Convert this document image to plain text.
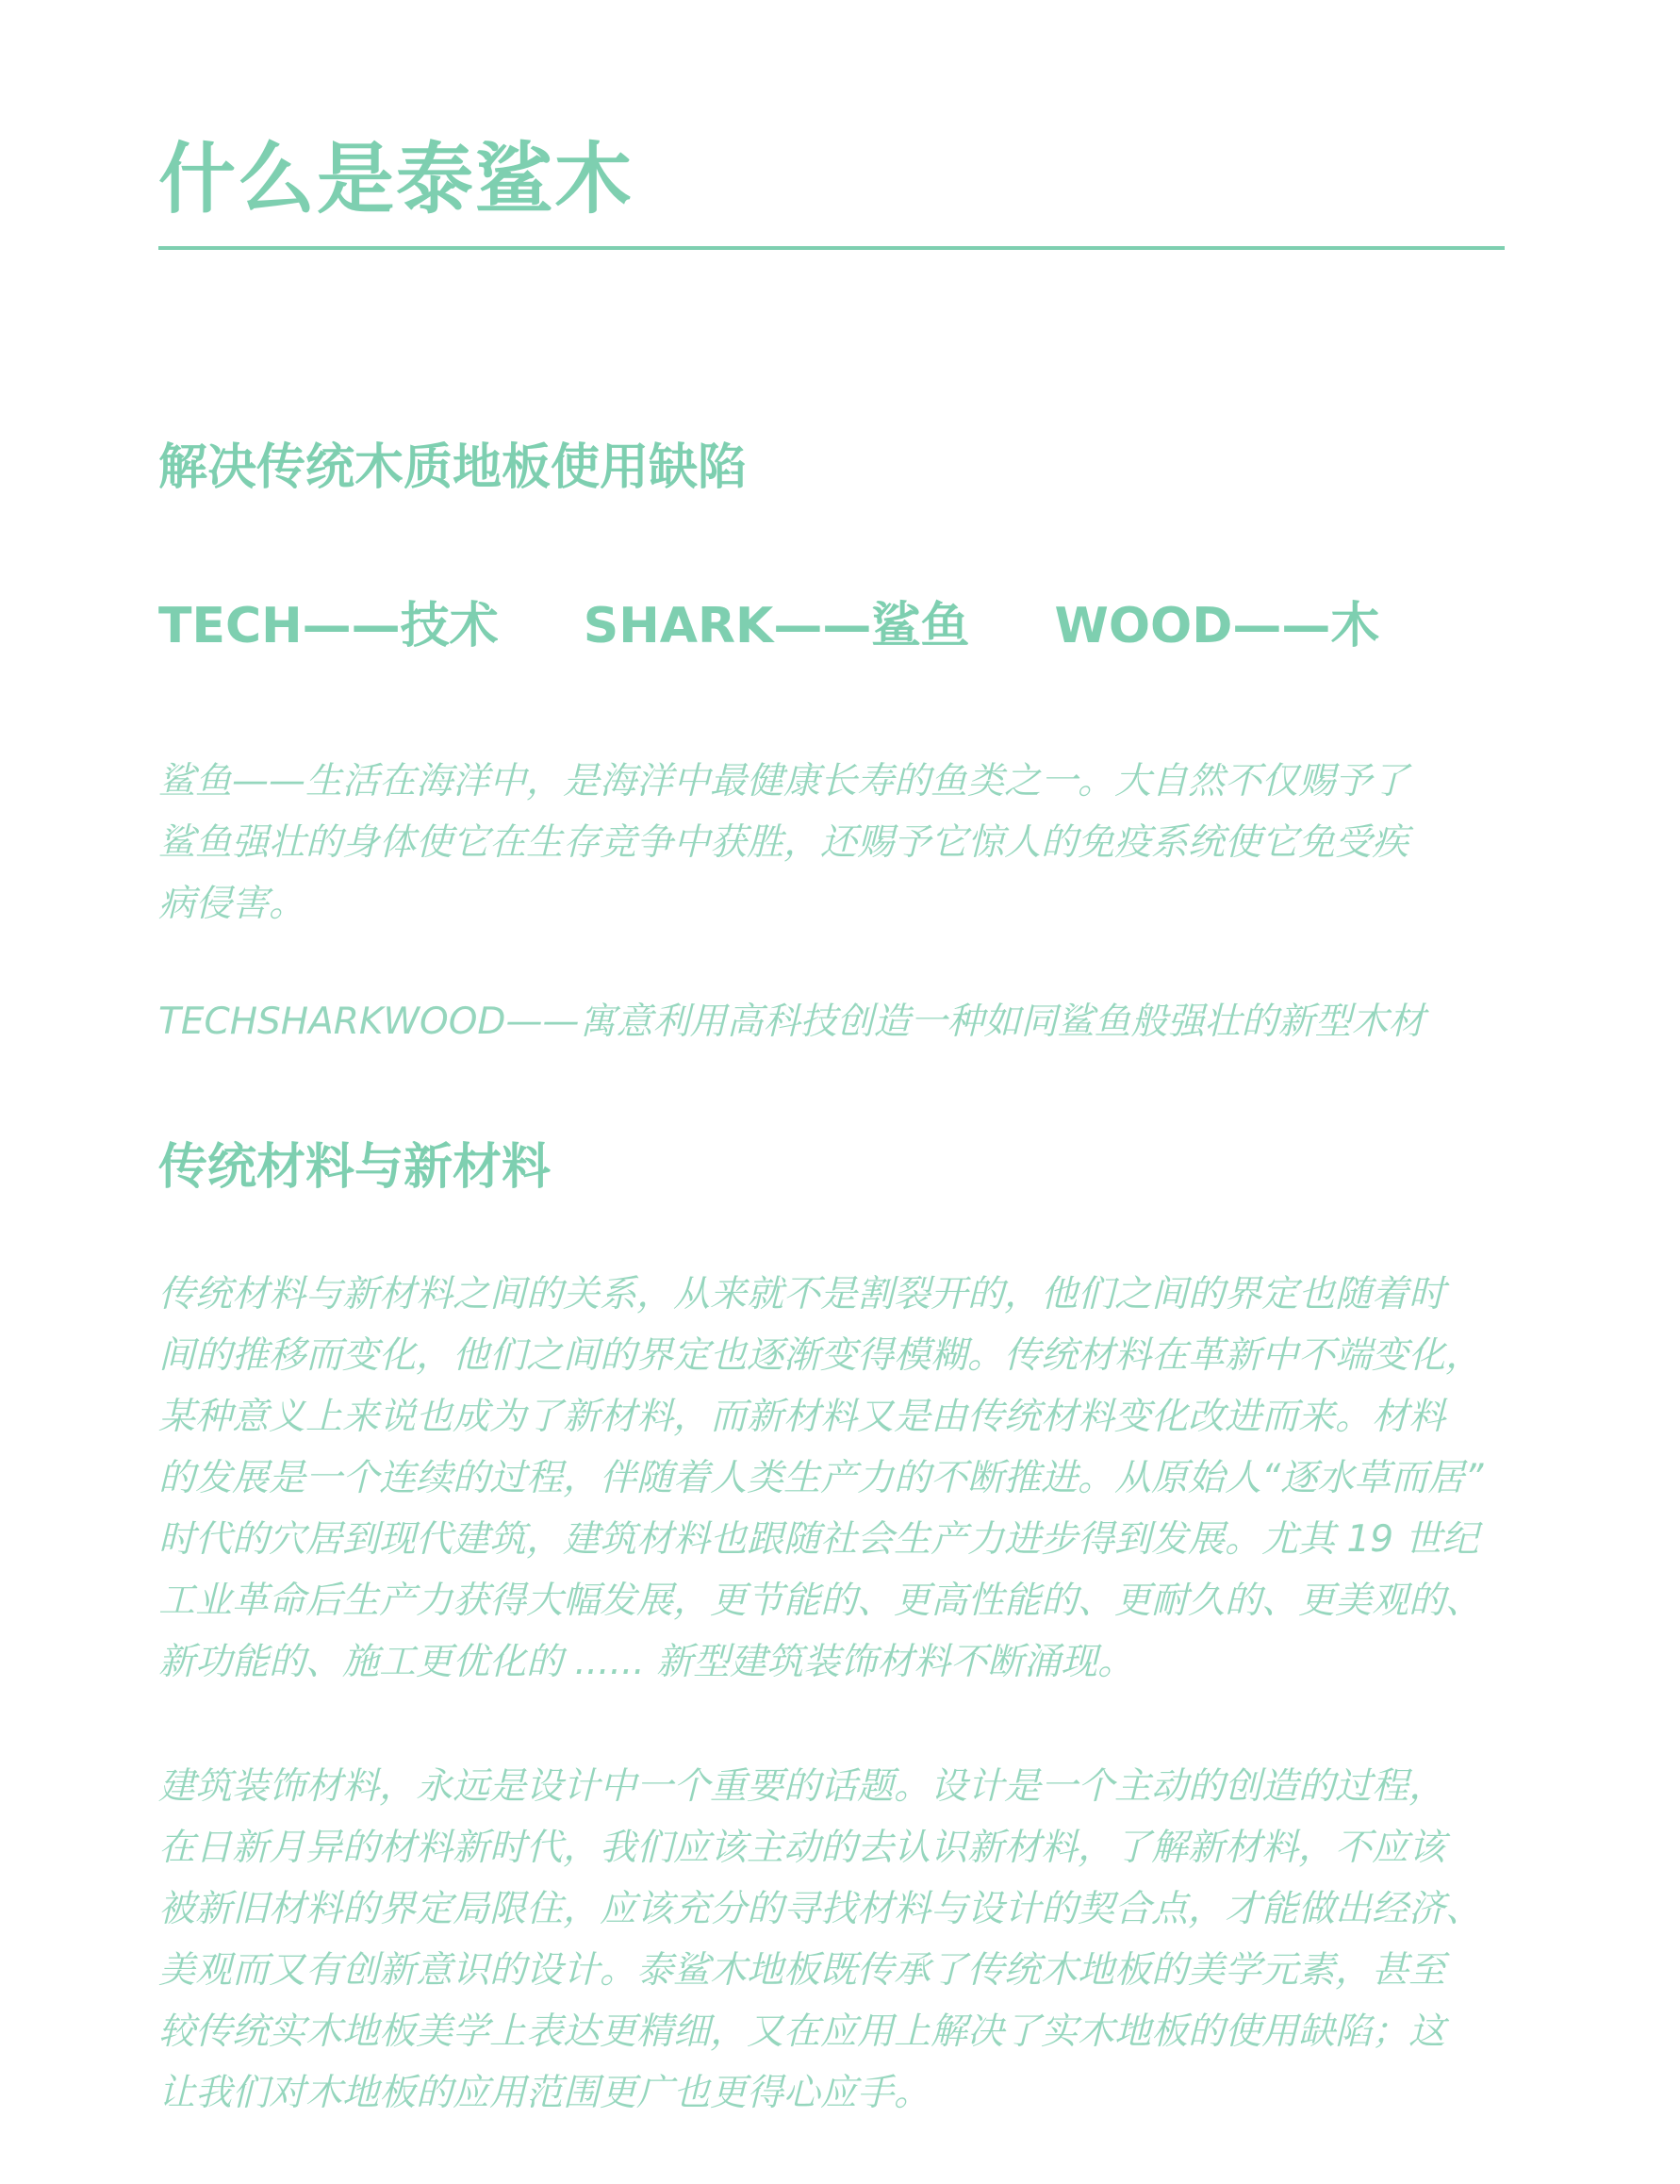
什么是泰鲨木
解决传统木质地板使用缺陷
TECH——技术 SHARK——鲨鱼 WOOD——木
鲨鱼——生活在海洋中，是海洋中最健康长寿的鱼类之一。大自然不仅赐予了
鲨鱼强壮的身体使它在生存竞争中获胜，还赐予它惊人的免疫系统使它免受疾
病侵害。
TECHSHARKWOOD——寓意利用高科技创造一种如同鲨鱼般强壮的新型木材
传统材料与新材料
传统材料与新材料之间的关系，从来就不是割裂开的，他们之间的界定也随着时
间的推移而变化，他们之间的界定也逐渐变得模糊。传统材料在革新中不端变化，
某种意义上来说也成为了新材料，而新材料又是由传统材料变化改进而来。材料
的发展是一个连续的过程，伴随着人类生产力的不断推进。从原始人“逐水草而居”
时代的穴居到现代建筑，建筑材料也跟随社会生产力进步得到发展。尤其 19 世纪
工业革命后生产力获得大幅发展，更节能的、更高性能的、更耐久的、更美观的、
新功能的、施工更优化的 ...... 新型建筑装饰材料不断涌现。
建筑装饰材料，永远是设计中一个重要的话题。设计是一个主动的创造的过程，
在日新月异的材料新时代，我们应该主动的去认识新材料，了解新材料，不应该
被新旧材料的界定局限住，应该充分的寻找材料与设计的契合点，才能做出经济、
美观而又有创新意识的设计。泰鲨木地板既传承了传统木地板的美学元素，甚至
较传统实木地板美学上表达更精细，又在应用上解决了实木地板的使用缺陷；这
让我们对木地板的应用范围更广也更得心应手。
